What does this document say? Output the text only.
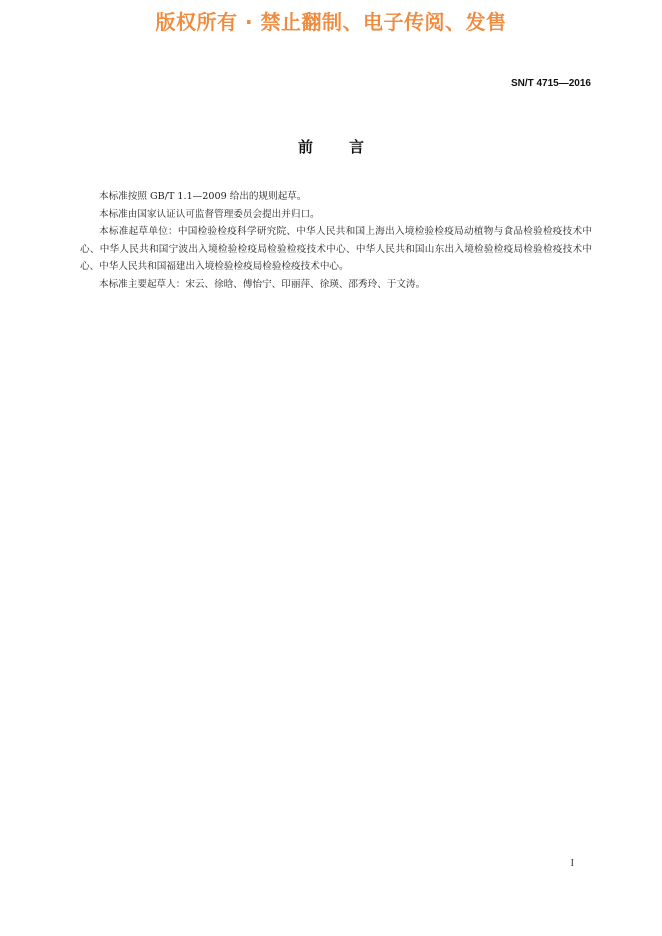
版权所有 · 禁止翻制、电子传阅、发售
SN/T 4715—2016
前言

本标准按照 GB/T 1.1—2009 给出的规则起草。

本标准由国家认证认可监督管理委员会提出并归口。

本标准起草单位：中国检验检疫科学研究院、中华人民共和国上海出入境检验检疫局动植物与食品检验检疫技术中心、中华人民共和国宁波出入境检验检疫局检验检疫技术中心、中华人民共和国山东出入境检验检疫局检验检疫技术中心、中华人民共和国福建出入境检验检疫局检验检疫技术中心。

本标准主要起草人：宋云、徐晗、傅怡宁、印丽萍、徐瑛、邵秀玲、于文涛。

I
